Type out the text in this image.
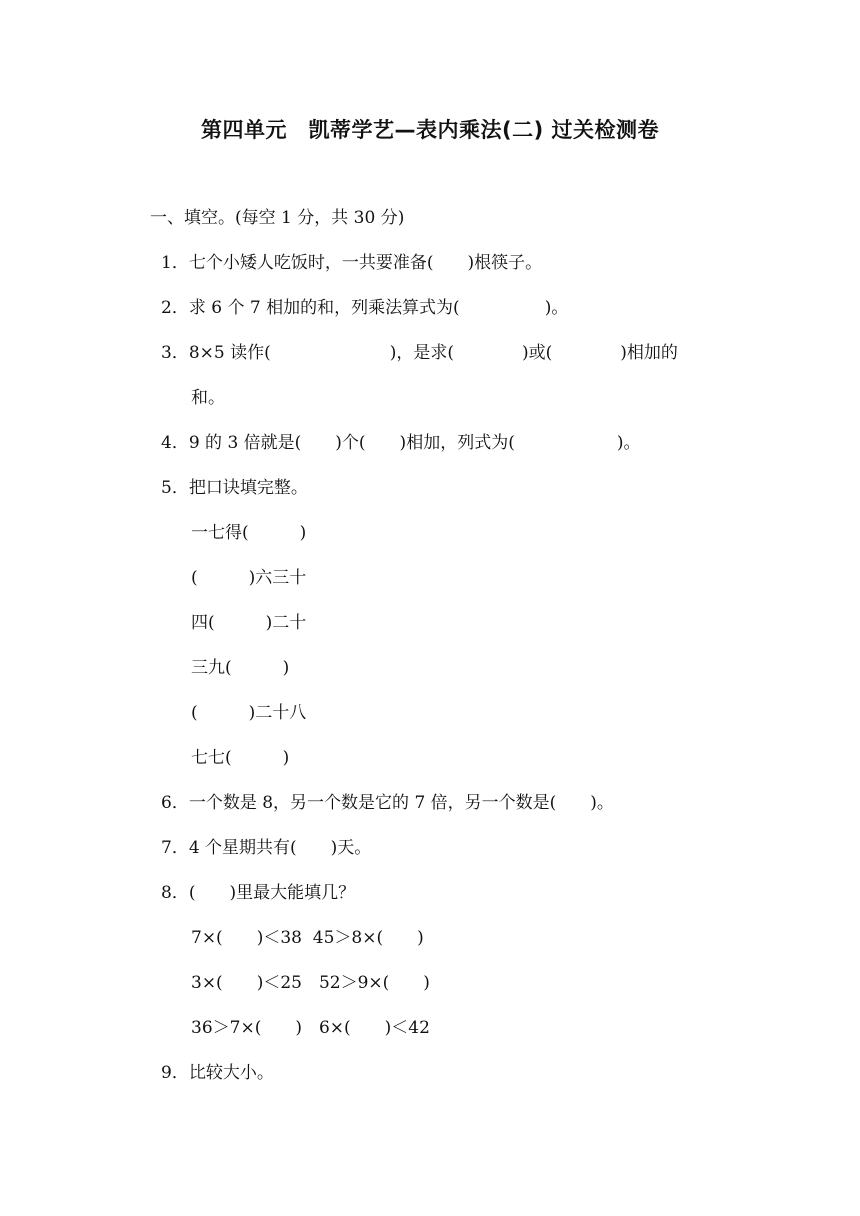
第四单元　凯蒂学艺—表内乘法(二) 过关检测卷
一、填空。(每空 1 分，共 30 分)
1．七个小矮人吃饭时，一共要准备(　　)根筷子。
2．求 6 个 7 相加的和，列乘法算式为(　　　　　)。
3．8×5 读作(　　　　　　　)，是求(　　　　)或(　　　　)相加的
和。
4．9 的 3 倍就是(　　)个(　　)相加，列式为(　　　　　　)。
5．把口诀填完整。
一七得(　　　)
(　　　)六三十
四(　　　)二十
三九(　　　)
(　　　)二十八
七七(　　　)
6．一个数是 8，另一个数是它的 7 倍，另一个数是(　　)。
7．4 个星期共有(　　)天。
8．(　　)里最大能填几？
7×(　　)＜38  45＞8×(　　)
3×(　　)＜25　52＞9×(　　)
36＞7×(　　)　6×(　　)＜42
9．比较大小。
